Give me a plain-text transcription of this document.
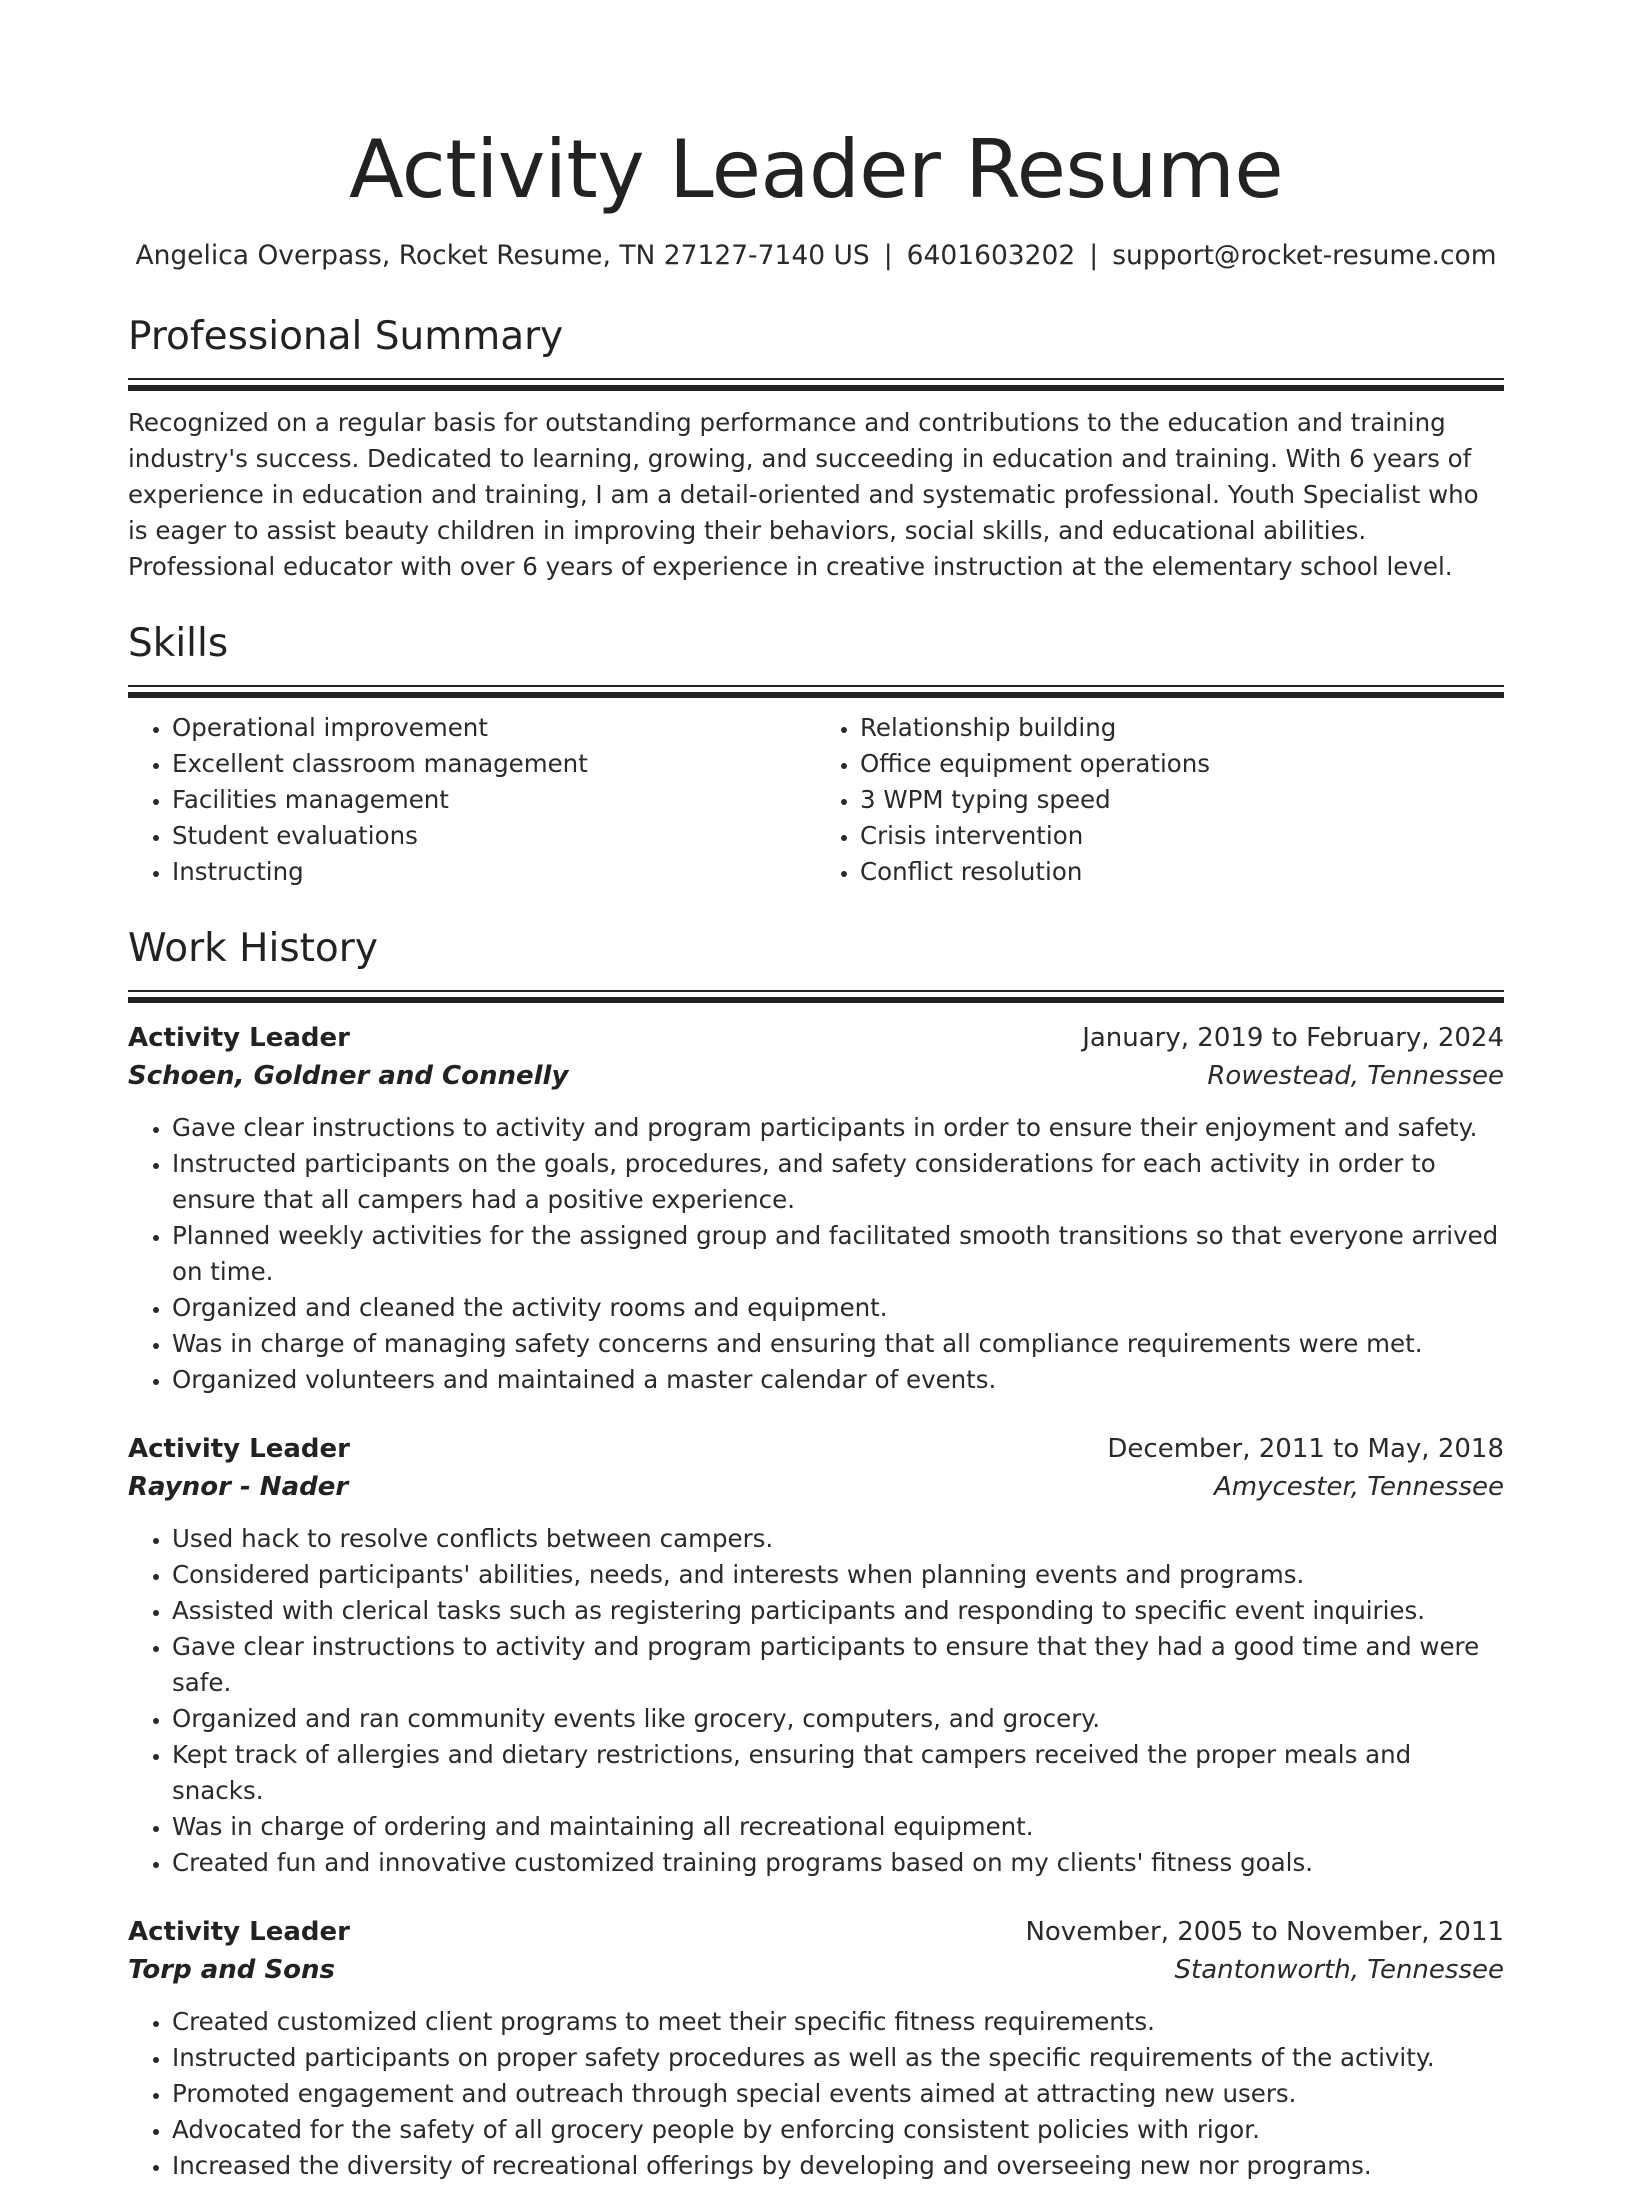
Activity Leader Resume
Angelica Overpass, Rocket Resume, TN 27127-7140 US | 6401603202 | support@rocket-resume.com
Professional Summary

Recognized on a regular basis for outstanding performance and contributions to the education and training industry's success. Dedicated to learning, growing, and succeeding in education and training. With 6 years of experience in education and training, I am a detail-oriented and systematic professional. Youth Specialist who is eager to assist beauty children in improving their behaviors, social skills, and educational abilities. Professional educator with over 6 years of experience in creative instruction at the elementary school level.

Skills
• Operational improvement
• Excellent classroom management
• Facilities management
• Student evaluations
• Instructing
• Relationship building
• Office equipment operations
• 3 WPM typing speed
• Crisis intervention
• Conflict resolution
Work History
Activity Leader	January, 2019 to February, 2024
Schoen, Goldner and Connelly	Rowestead, Tennessee
• Gave clear instructions to activity and program participants in order to ensure their enjoyment and safety.
• Instructed participants on the goals, procedures, and safety considerations for each activity in order to ensure that all campers had a positive experience.
• Planned weekly activities for the assigned group and facilitated smooth transitions so that everyone arrived on time.
• Organized and cleaned the activity rooms and equipment.
• Was in charge of managing safety concerns and ensuring that all compliance requirements were met.
• Organized volunteers and maintained a master calendar of events.
Activity Leader	December, 2011 to May, 2018
Raynor - Nader	Amycester, Tennessee
• Used hack to resolve conflicts between campers.
• Considered participants' abilities, needs, and interests when planning events and programs.
• Assisted with clerical tasks such as registering participants and responding to specific event inquiries.
• Gave clear instructions to activity and program participants to ensure that they had a good time and were safe.
• Organized and ran community events like grocery, computers, and grocery.
• Kept track of allergies and dietary restrictions, ensuring that campers received the proper meals and snacks.
• Was in charge of ordering and maintaining all recreational equipment.
• Created fun and innovative customized training programs based on my clients' fitness goals.
Activity Leader	November, 2005 to November, 2011
Torp and Sons	Stantonworth, Tennessee
• Created customized client programs to meet their specific fitness requirements.
• Instructed participants on proper safety procedures as well as the specific requirements of the activity.
• Promoted engagement and outreach through special events aimed at attracting new users.
• Advocated for the safety of all grocery people by enforcing consistent policies with rigor.
• Increased the diversity of recreational offerings by developing and overseeing new nor programs.
